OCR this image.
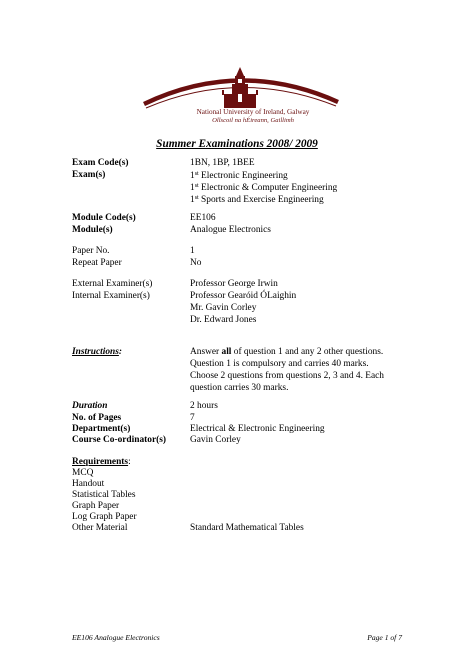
National University of Ireland, Galway
Ollscoil na hÉireann, Gaillimh
Summer Examinations 2008/ 2009
Exam Code(s)	1BN, 1BP, 1BEE
Exam(s)	1st Electronic Engineering
1st Electronic & Computer Engineering
1st Sports and Exercise Engineering
Module Code(s)	EE106
Module(s)	Analogue Electronics
Paper No.	1
Repeat Paper	No
External Examiner(s)	Professor George Irwin
Internal Examiner(s)	Professor Gearóid ÓLaighin
Mr. Gavin Corley
Dr. Edward Jones
Instructions:	Answer all of question 1 and any 2 other questions.
Question 1 is compulsory and carries 40 marks.
Choose 2 questions from questions 2, 3 and 4. Each
question carries 30 marks.
Duration	2 hours
No. of Pages	7
Department(s)	Electrical & Electronic Engineering
Course Co-ordinator(s)	Gavin Corley
Requirements:
MCQ
Handout
Statistical Tables
Graph Paper
Log Graph Paper
Other Material	Standard Mathematical Tables
EE106 Analogue Electronics	Page 1 of 7
